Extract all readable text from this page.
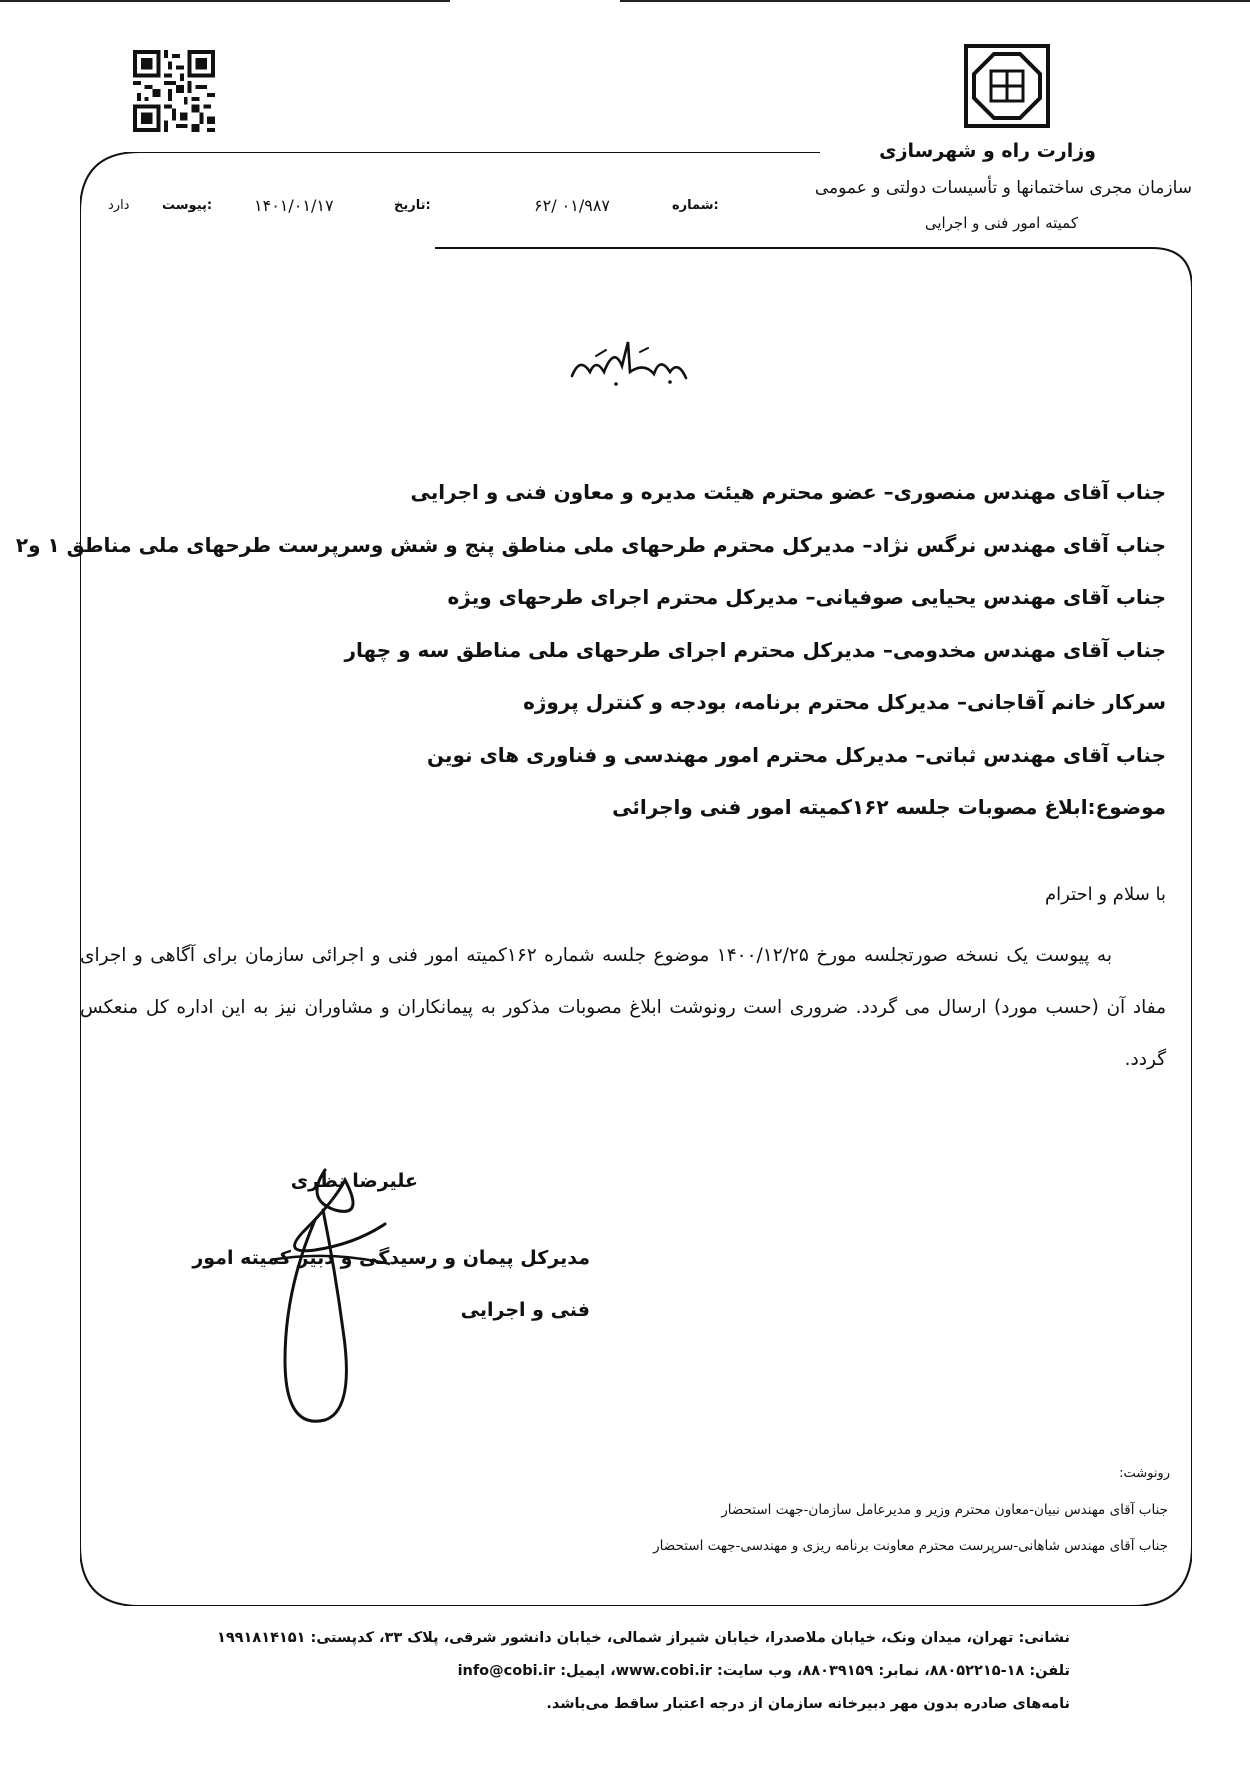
وزارت راه و شهرسازی
سازمان مجری ساختمانها و تأسیسات دولتی و عمومی
کمیته امور فنی و اجرایی
شماره:
۶۲/ ۰۱/۹۸۷
تاریخ:
۱۴۰۱/۰۱/۱۷
پیوست:
دارد
جناب آقای مهندس منصوری– عضو محترم هیئت مدیره و معاون فنی و اجرایی
جناب آقای مهندس نرگس نژاد– مدیرکل محترم طرحهای ملی مناطق پنج و شش وسرپرست طرحهای ملی مناطق ۱ و۲
جناب آقای مهندس یحیایی صوفیانی– مدیرکل محترم اجرای طرحهای ویژه
جناب آقای مهندس مخدومی– مدیرکل محترم اجرای طرحهای ملی مناطق سه و چهار
سرکار خانم آقاجانی– مدیرکل محترم برنامه، بودجه و کنترل پروژه
جناب آقای مهندس ثباتی– مدیرکل محترم امور مهندسی و فناوری های نوین
موضوع:ابلاغ مصوبات جلسه ۱۶۲کمیته امور فنی واجرائی
با سلام و احترام
به پیوست یک نسخه صورتجلسه مورخ ۱۴۰۰/۱۲/۲۵ موضوع جلسه شماره ۱۶۲کمیته امور فنی و اجرائی سازمان برای آگاهی و اجرای مفاد آن (حسب مورد) ارسال می گردد. ضروری است رونوشت ابلاغ مصوبات مذکور به پیمانکاران و مشاوران نیز به این اداره کل منعکس گردد.
علیرضا نظری
مدیرکل پیمان و رسیدگی و دبیر کمیته امور فنی و اجرایی
رونوشت:
جناب آقای مهندس نبیان-معاون محترم وزیر و مدیرعامل سازمان-جهت استحضار
جناب آقای مهندس شاهانی-سرپرست محترم معاونت برنامه ریزی و مهندسی-جهت استحضار
نشانی: تهران، میدان ونک، خیابان ملاصدرا، خیابان شیراز شمالی، خیابان دانشور شرقی، پلاک ۳۳، کدپستی: ۱۹۹۱۸۱۴۱۵۱
تلفن: ۱۸-۸۸۰۵۲۲۱۵، نمابر: ۸۸۰۳۹۱۵۹، وب سایت: www.cobi.ir، ایمیل: info@cobi.ir
نامه‌های صادره بدون مهر دبیرخانه سازمان از درجه اعتبار ساقط می‌باشد.
